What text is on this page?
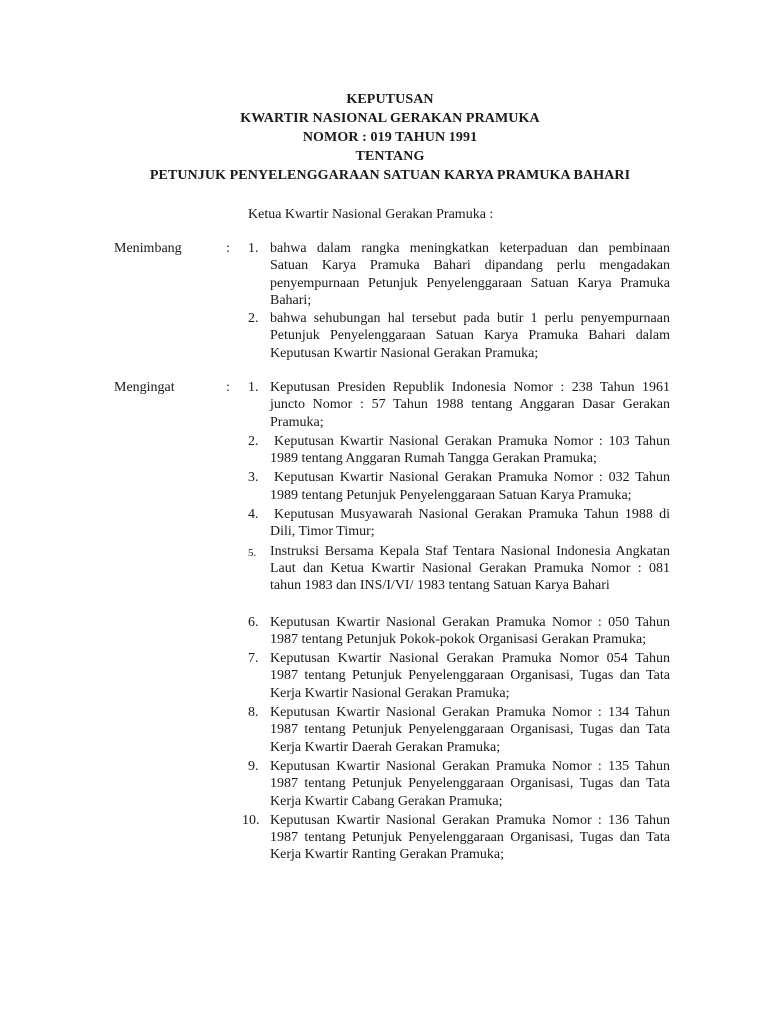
KEPUTUSAN
KWARTIR NASIONAL GERAKAN PRAMUKA
NOMOR : 019 TAHUN 1991
TENTANG
PETUNJUK PENYELENGGARAAN SATUAN KARYA PRAMUKA BAHARI
Ketua Kwartir Nasional Gerakan Pramuka :
Menimbang	: 1. bahwa dalam rangka meningkatkan keterpaduan dan pembinaan Satuan Karya Pramuka Bahari dipandang perlu mengadakan penyempurnaan Petunjuk Penyelenggaraan Satuan Karya Pramuka Bahari;
2. bahwa sehubungan hal tersebut pada butir 1 perlu penyempurnaan Petunjuk Penyelenggaraan Satuan Karya Pramuka Bahari dalam Keputusan Kwartir Nasional Gerakan Pramuka;
Mengingat	: 1. Keputusan Presiden Republik Indonesia Nomor : 238 Tahun 1961 juncto Nomor : 57 Tahun 1988 tentang Anggaran Dasar Gerakan Pramuka;
2.	Keputusan Kwartir Nasional Gerakan Pramuka Nomor : 103 Tahun 1989 tentang Anggaran Rumah Tangga Gerakan Pramuka;
3.	Keputusan Kwartir Nasional Gerakan Pramuka Nomor : 032 Tahun 1989 tentang Petunjuk Penyelenggaraan Satuan Karya Pramuka;
4.	Keputusan Musyawarah Nasional Gerakan Pramuka Tahun 1988 di Dili, Timor Timur;
5. Instruksi Bersama Kepala Staf Tentara Nasional Indonesia Angkatan Laut dan Ketua Kwartir Nasional Gerakan Pramuka Nomor : 081 tahun 1983 dan INS/I/VI/ 1983 tentang Satuan Karya Bahari
6. Keputusan Kwartir Nasional Gerakan Pramuka Nomor : 050 Tahun 1987 tentang Petunjuk Pokok-pokok Organisasi Gerakan Pramuka;
7. Keputusan Kwartir Nasional Gerakan Pramuka Nomor 054 Tahun 1987 tentang Petunjuk Penyelenggaraan Organisasi, Tugas dan Tata Kerja Kwartir Nasional Gerakan Pramuka;
8. Keputusan Kwartir Nasional Gerakan Pramuka Nomor : 134 Tahun 1987 tentang Petunjuk Penyelenggaraan Organisasi, Tugas dan Tata Kerja Kwartir Daerah Gerakan Pramuka;
9. Keputusan Kwartir Nasional Gerakan Pramuka Nomor : 135 Tahun 1987 tentang Petunjuk Penyelenggaraan Organisasi, Tugas dan Tata Kerja Kwartir Cabang Gerakan Pramuka;
10. Keputusan Kwartir Nasional Gerakan Pramuka Nomor : 136 Tahun 1987 tentang Petunjuk Penyelenggaraan Organisasi, Tugas dan Tata Kerja Kwartir Ranting Gerakan Pramuka;
